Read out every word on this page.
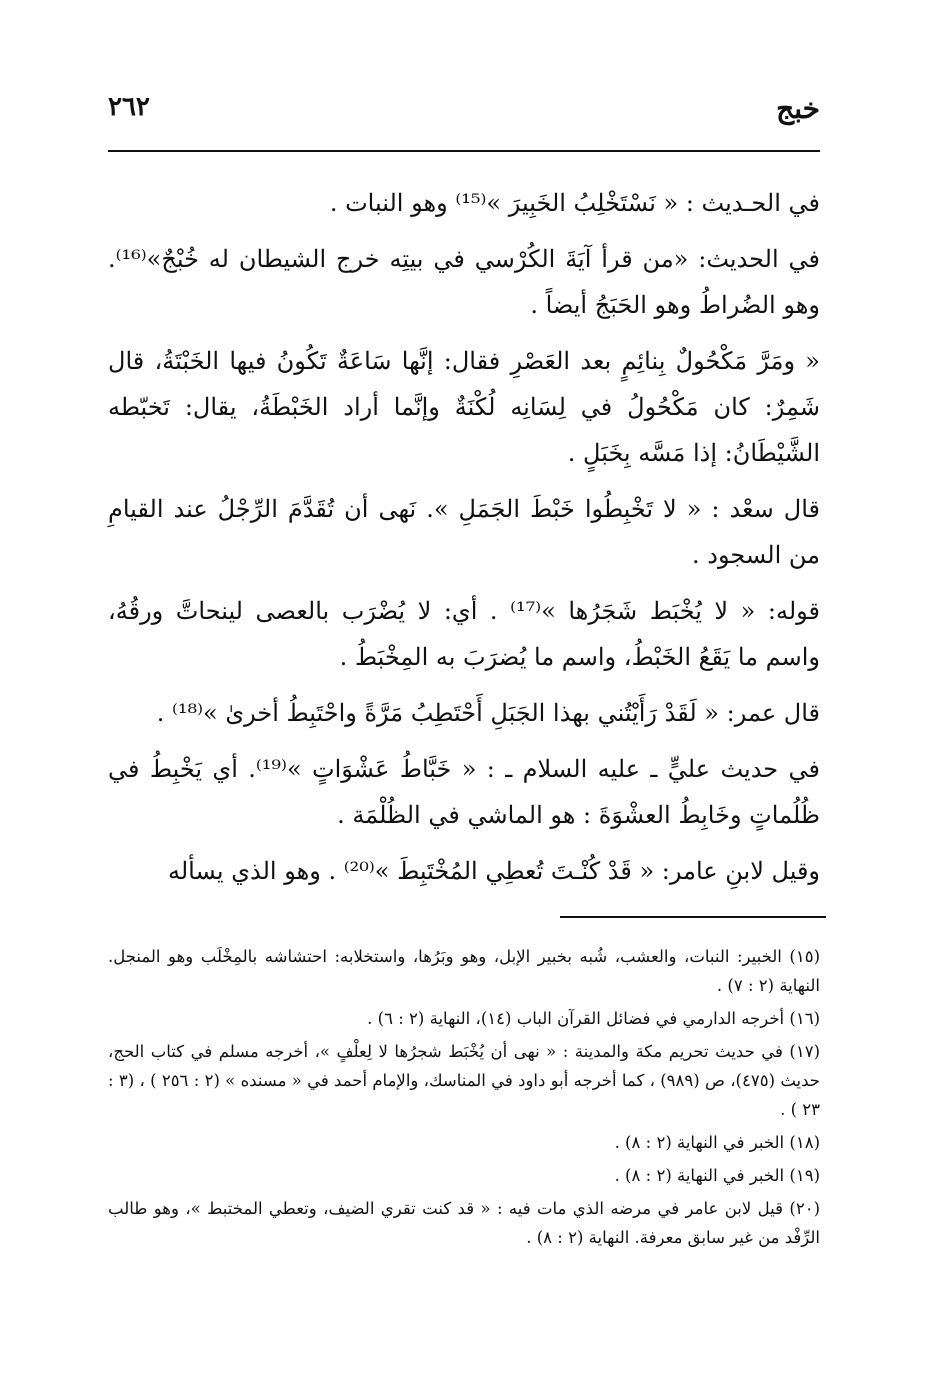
خبج
٢٦٢

في الحـديث : « نَسْتَخْلِبُ الخَبِيرَ »⁽¹⁵⁾ وهو النبات .

في الحديث: «من قرأ آيَةَ الكُرْسي في بيتِه خرج الشيطان له خُبْجٌ»⁽¹⁶⁾. وهو الضُراطُ وهو الحَبَجُ أيضاً .

« ومَرَّ مَكْحُولٌ بِنائِمٍ بعد العَصْرِ فقال: إنَّها سَاعَةٌ تَكُونُ فيها الخَبْتَةُ، قال شَمِرٌ: كان مَكْحُولُ في لِسَانِه لُكْنَةٌ وإنَّما أراد الخَبْطَةُ، يقال: تَخبّطه الشَّيْطَانُ: إذا مَسَّه بِخَبَلٍ .

قال سعْد : « لا تَخْبِطُوا خَبْطَ الجَمَلِ ». نَهى أن تُقَدَّمَ الرِّجْلُ عند القيامِ من السجود .

قوله: « لا يُخْبَط شَجَرُها »⁽¹⁷⁾ . أي: لا يُضْرَب بالعصى لينحاتَّ ورقُهُ، واسم ما يَقَعُ الخَبْطُ، واسم ما يُضرَبَ به المِخْبَطُ .

قال عمر: « لَقَدْ رَأَيْتُني بهذا الجَبَلِ أَحْتَطِبُ مَرَّةً واحْتَبِطُ أخرىٰ »⁽¹⁸⁾ .

في حديث عليٍّ ـ عليه السلام ـ : « خَبَّاطُ عَشْوَاتٍ »⁽¹⁹⁾. أي يَخْبِطُ في ظُلُماتٍ وخَابِطُ العشْوَةَ : هو الماشي في الظُلْمَة .

وقيل لابنِ عامر: « قَدْ كُنْـتَ تُعطِي المُخْتَبِطَ »⁽²⁰⁾ . وهو الذي يسأله

(١٥) الخبير: النبات، والعشب، شُبه بخبير الإبل، وهو وبَرُها، واستخلابه: احتشاشه بالمِخْلَب وهو المنجل. النهاية (٢ : ٧) .

(١٦) أخرجه الدارمي في فضائل القرآن الباب (١٤)، النهاية (٢ : ٦) .

(١٧) في حديث تحريم مكة والمدينة : « نهى أن يُخْبَط شجرُها لا لِعلْفٍ »، أخرجه مسلم في كتاب الحج، حديث (٤٧٥)، ص (٩٨٩) ، كما أخرجه أبو داود في المناسك، والإمام أحمد في « مسنده » (٢ : ٢٥٦ ) ، (٣ : ٢٣ ) .

(١٨) الخبر في النهاية (٢ : ٨) .

(١٩) الخبر في النهاية (٢ : ٨) .

(٢٠) قيل لابن عامر في مرضه الذي مات فيه : « قد كنت تقري الضيف، وتعطي المختبط »، وهو طالب الرِّفْد من غير سابق معرفة. النهاية (٢ : ٨) .
